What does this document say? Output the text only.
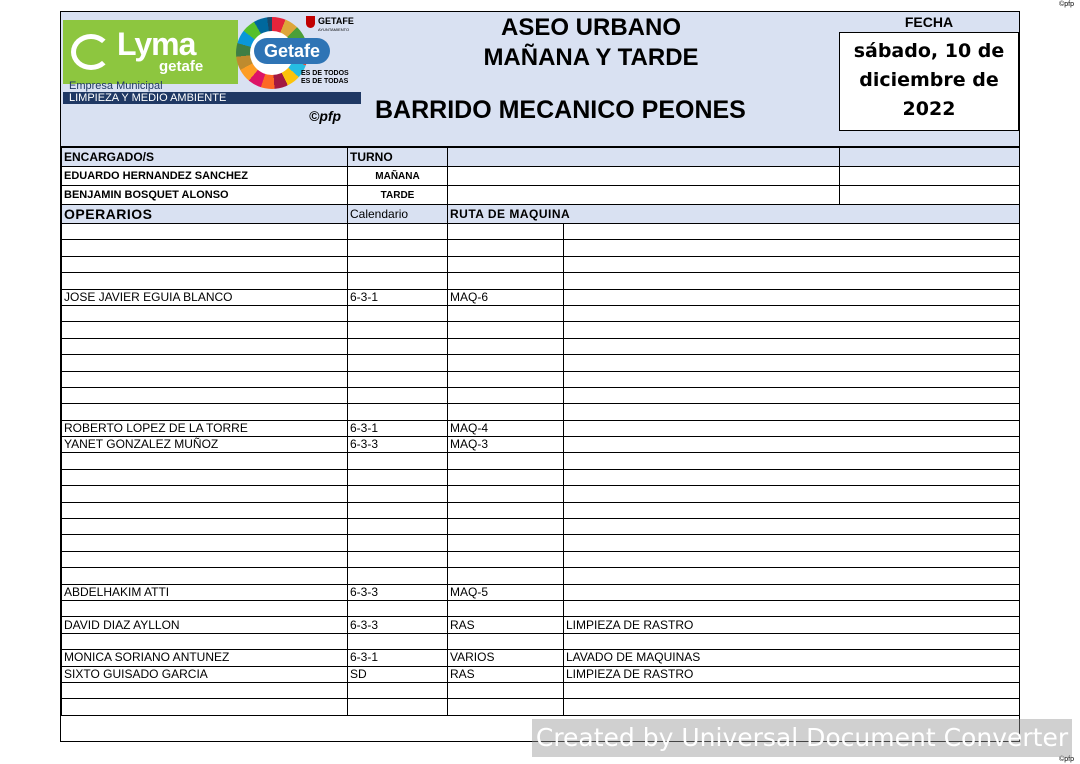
©pfp
©pfp
Lyma
getafe
Getafe
GETAFE
AYUNTAMIENTO
ES DE TODOS
ES DE TODAS
Empresa Municipal
LIMPIEZA Y MEDIO AMBIENTE
©pfp
ASEO URBANO
MAÑANA Y TARDE
BARRIDO MECANICO PEONES
FECHA
sábado, 10 de
diciembre de
2022
ENCARGADO/S	TURNO			
EDUARDO HERNANDEZ SANCHEZ	MAÑANA			
BENJAMIN BOSQUET ALONSO	TARDE			
OPERARIOS	Calendario	RUTA DE MAQUINA		

JOSE JAVIER EGUIA BLANCO	6-3-1	MAQ-6		

ROBERTO LOPEZ DE LA TORRE	6-3-1	MAQ-4		
YANET GONZALEZ MUÑOZ	6-3-3	MAQ-3		

ABDELHAKIM ATTI	6-3-3	MAQ-5		

DAVID DIAZ AYLLON	6-3-3	RAS	LIMPIEZA DE RASTRO	

MONICA SORIANO ANTUNEZ	6-3-1	VARIOS	LAVADO DE MAQUINAS	
SIXTO GUISADO GARCIA	SD	RAS	LIMPIEZA DE RASTRO	

Created by Universal Document Converter
